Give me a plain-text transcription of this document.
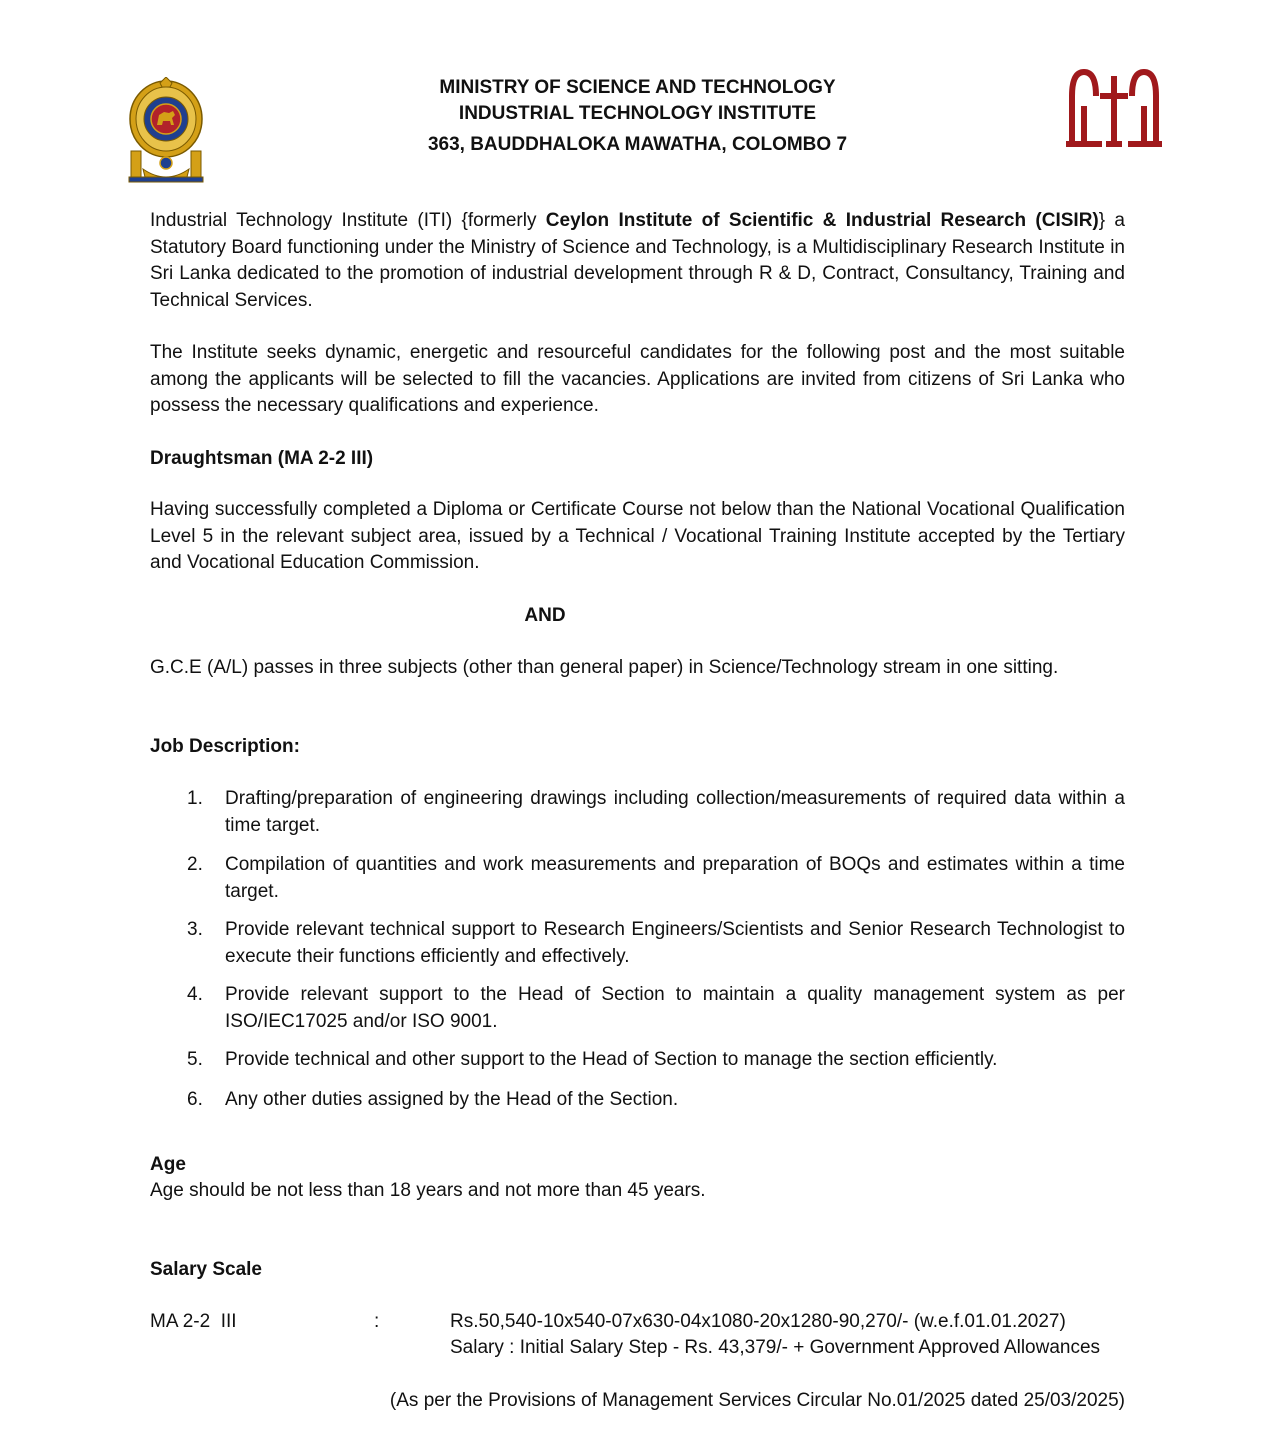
MINISTRY OF SCIENCE AND TECHNOLOGY
INDUSTRIAL TECHNOLOGY INSTITUTE
363, BAUDDHALOKA MAWATHA, COLOMBO 7

Industrial Technology Institute (ITI) {formerly Ceylon Institute of Scientific & Industrial Research (CISIR)} a Statutory Board functioning under the Ministry of Science and Technology, is a Multidisciplinary Research Institute in Sri Lanka dedicated to the promotion of industrial development through R & D, Contract, Consultancy, Training and Technical Services.

The Institute seeks dynamic, energetic and resourceful candidates for the following post and the most suitable among the applicants will be selected to fill the vacancies. Applications are invited from citizens of Sri Lanka who possess the necessary qualifications and experience.

Draughtsman (MA 2-2 III)

Having successfully completed a Diploma or Certificate Course not below than the National Vocational Qualification Level 5 in the relevant subject area, issued by a Technical / Vocational Training Institute accepted by the Tertiary and Vocational Education Commission.

AND
G.C.E (A/L) passes in three subjects (other than general paper) in Science/Technology stream in one sitting.
Job Description:
1.	Drafting/preparation of engineering drawings including collection/measurements of required data within a time target.
2.	Compilation of quantities and work measurements and preparation of BOQs and estimates within a time target.
3.	Provide relevant technical support to Research Engineers/Scientists and Senior Research Technologist to execute their functions efficiently and effectively.
4.	Provide relevant support to the Head of Section to maintain a quality management system as per ISO/IEC17025 and/or ISO 9001.
5.	Provide technical and other support to the Head of Section to manage the section efficiently.
6.	Any other duties assigned by the Head of the Section.
Age
Age should be not less than 18 years and not more than 45 years.
Salary Scale
MA 2-2  III	:	Rs.50,540-10x540-07x630-04x1080-20x1280-90,270/- (w.e.f.01.01.2027)
Salary : Initial Salary Step - Rs. 43,379/- + Government Approved Allowances
(As per the Provisions of Management Services Circular No.01/2025 dated 25/03/2025)
